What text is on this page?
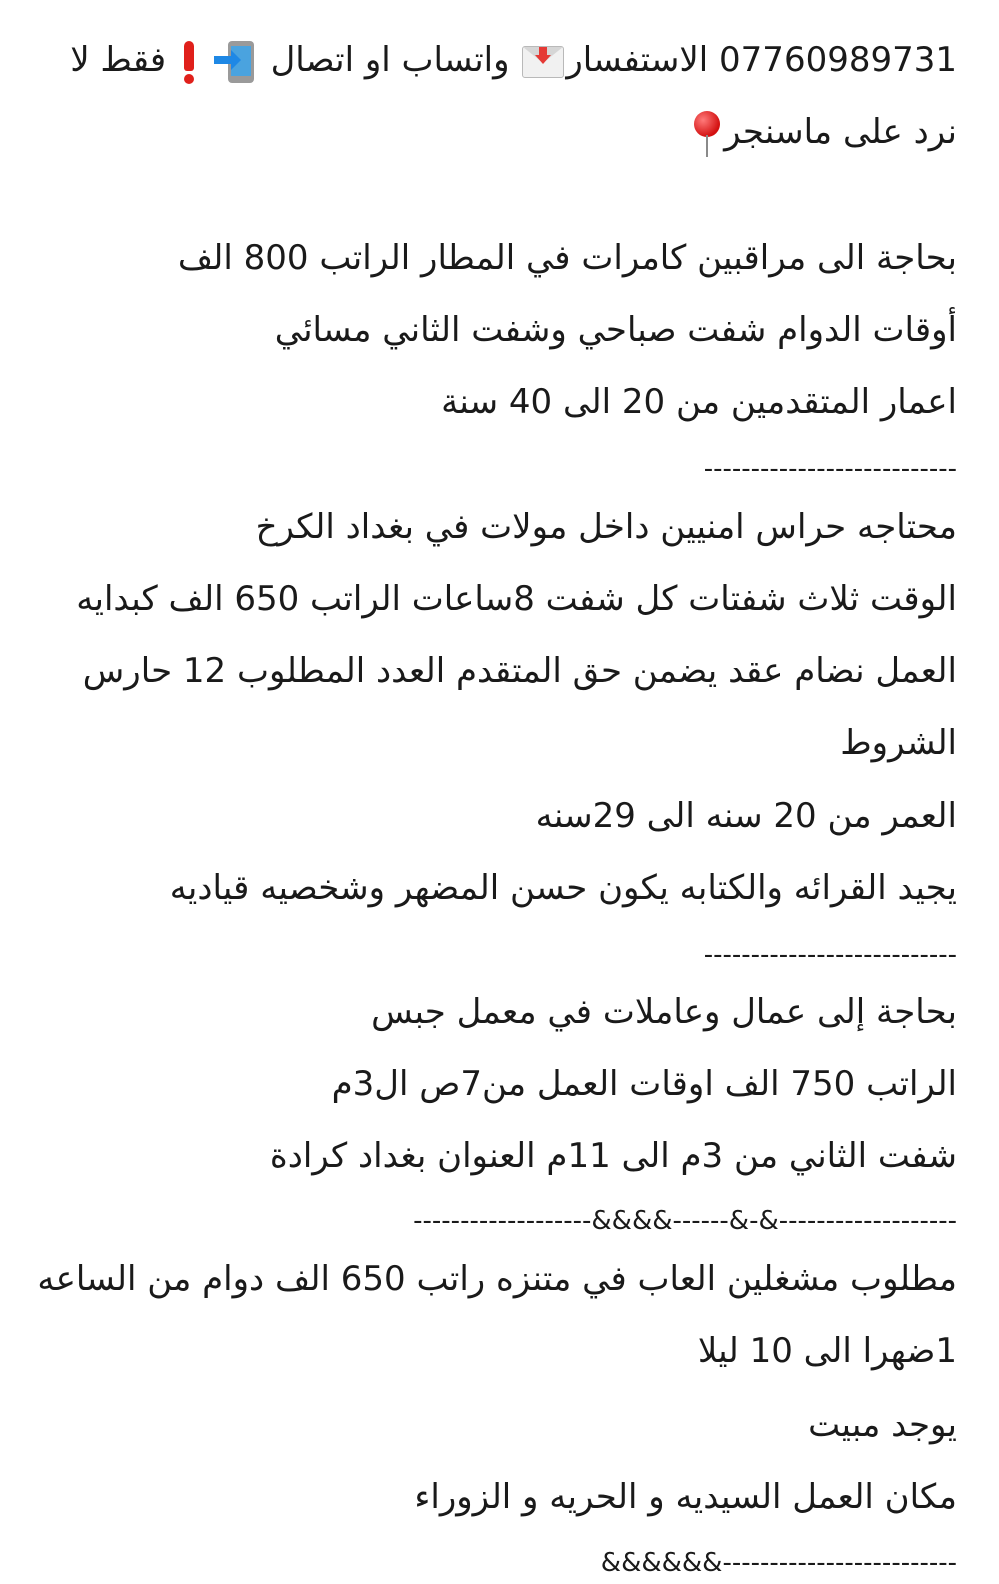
07760989731 الاستفسار
واتساب او اتصال

فقط لا
نرد على ماسنجر
بحاجة الى مراقبين كامرات في المطار الراتب 800 الف
أوقات الدوام شفت صباحي وشفت الثاني مسائي
اعمار المتقدمين من 20 الى 40 سنة
---------------------------
محتاجه حراس امنيين داخل مولات في بغداد الكرخ
الوقت ثلاث شفتات كل شفت 8ساعات الراتب 650 الف كبدايه
العمل نضام عقد يضمن حق المتقدم العدد المطلوب 12 حارس
الشروط
العمر من 20 سنه الى 29سنه
يجيد القرائه والكتابه يكون حسن المضهر وشخصيه قياديه
---------------------------
بحاجة إلى عمال وعاملات في معمل جبس
الراتب 750 الف اوقات العمل من7ص ال3م
شفت الثاني من 3م الى 11م العنوان بغداد كرادة
-------------------&&&&------&-&-------------------
مطلوب مشغلين العاب في متنزه راتب 650 الف دوام من الساعه
1ضهرا الى 10 ليلا
يوجد مبيت
مكان العمل السيديه و الحريه و الزوراء
&&&&&&-------------------------
